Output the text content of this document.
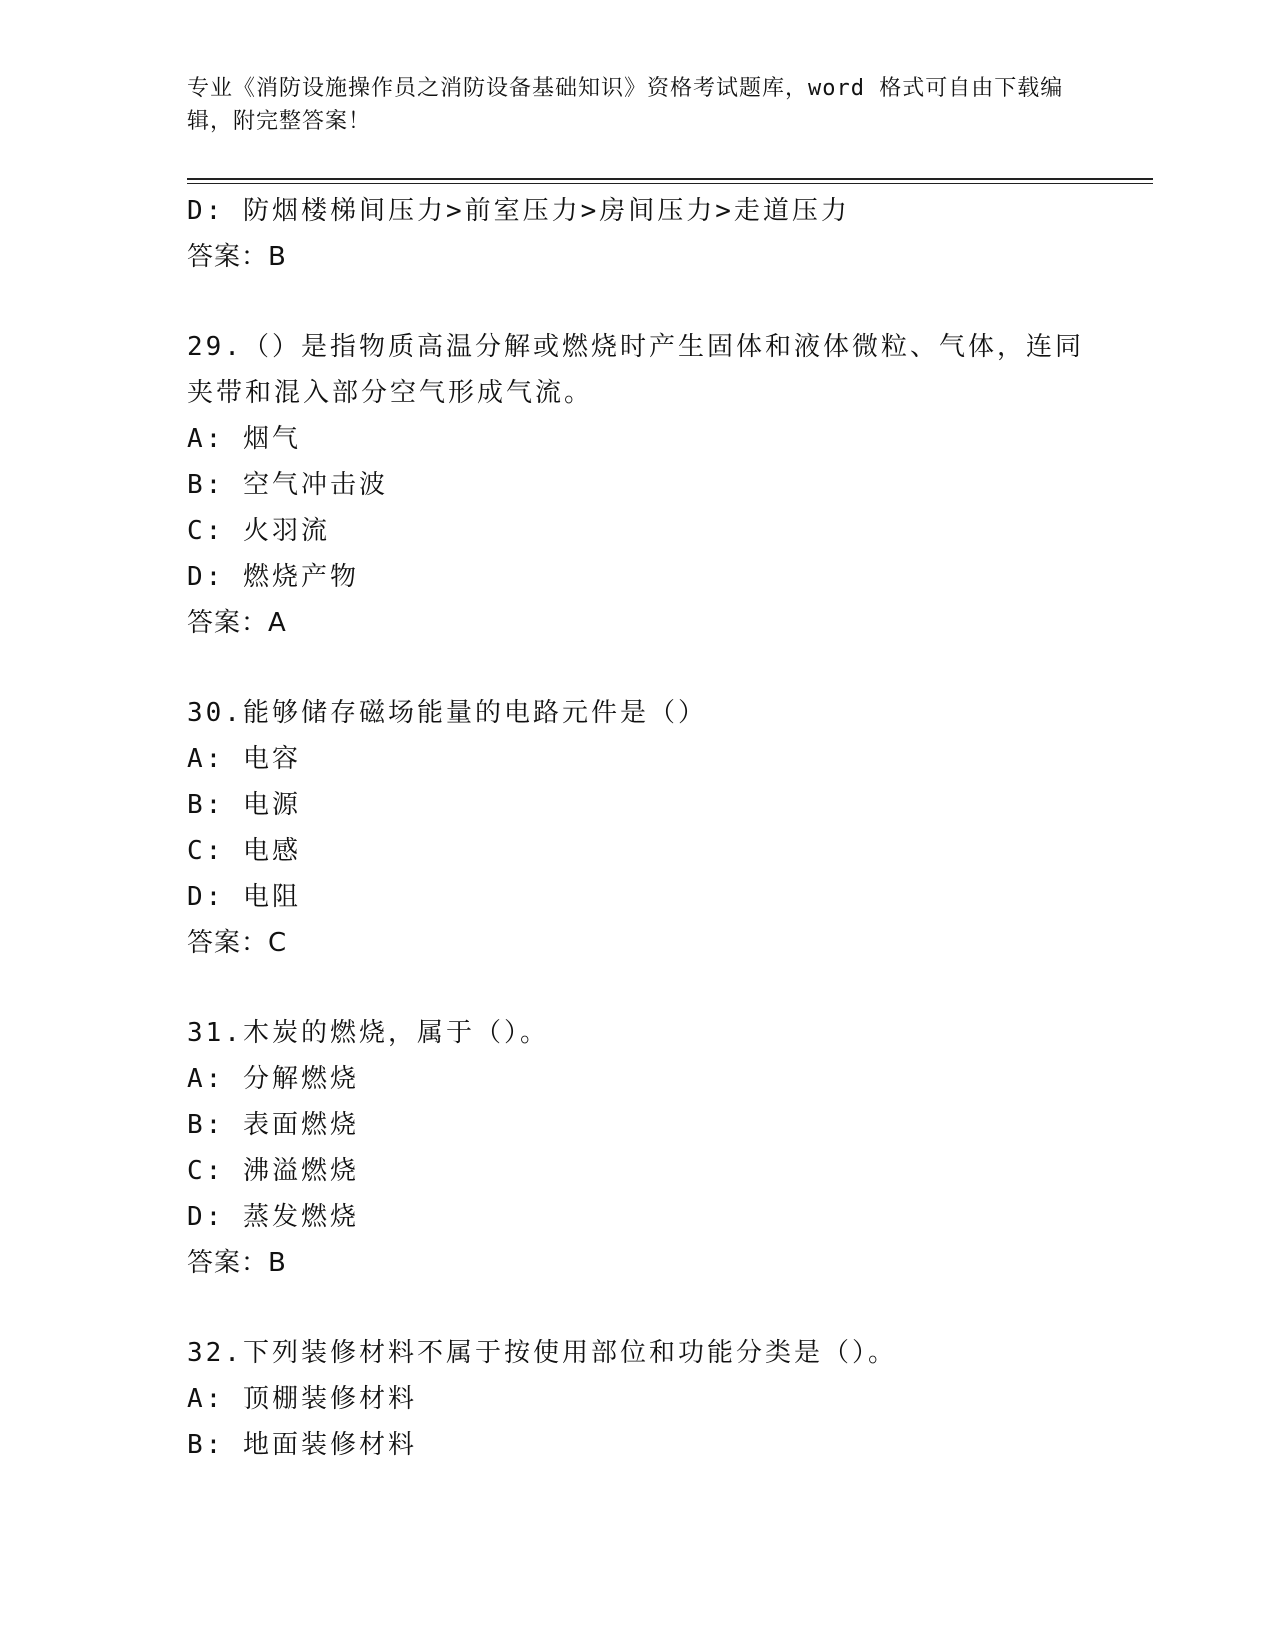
专业《消防设施操作员之消防设备基础知识》资格考试题库，word 格式可自由下载编辑，附完整答案！
D: 防烟楼梯间压力>前室压力>房间压力>走道压力
答案：B
29.（）是指物质高温分解或燃烧时产生固体和液体微粒、气体，连同
夹带和混入部分空气形成气流。
A: 烟气
B: 空气冲击波
C: 火羽流
D: 燃烧产物
答案：A
30.能够储存磁场能量的电路元件是（）
A: 电容
B: 电源
C: 电感
D: 电阻
答案：C
31.木炭的燃烧，属于（）。
A: 分解燃烧
B: 表面燃烧
C: 沸溢燃烧
D: 蒸发燃烧
答案：B
32.下列装修材料不属于按使用部位和功能分类是（）。
A: 顶棚装修材料
B: 地面装修材料
